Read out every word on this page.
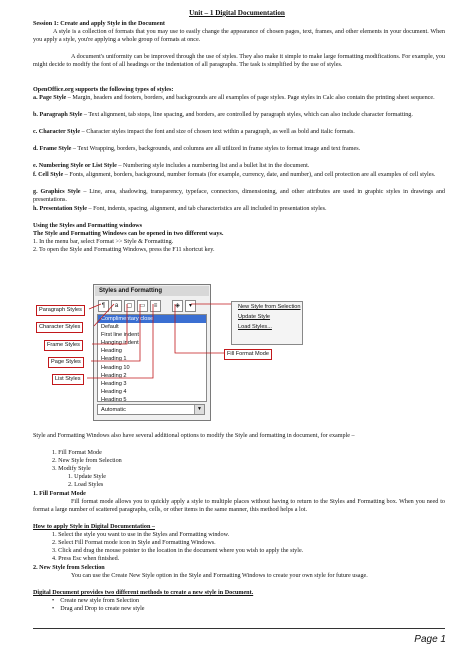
Unit – 1 Digital Documentation
Session 1: Create and apply Style in the Document
A style is a collection of formats that you may use to easily change the appearance of chosen pages, text, frames, and other elements in your document. When you apply a style, you're applying a whole group of formats at once.
A document's uniformity can be improved through the use of styles. They also make it simple to make large formatting modifications. For example, you might decide to modify the font of all headings or the indentation of all paragraphs. The task is simplified by the use of styles.
OpenOffice.org supports the following types of styles:
a. Page Style – Margin, headers and footers, borders, and backgrounds are all examples of page styles. Page styles in Calc also contain the printing sheet sequence.
b. Paragraph Style – Text alignment, tab stops, line spacing, and borders, are controlled by paragraph styles, which can also include character formatting.
c. Character Style – Character styles impact the font and size of chosen text within a paragraph, as well as bold and italic formats.
d. Frame Style – Text Wrapping, borders, backgrounds, and columns are all utilized in frame styles to format image and text frames.
e. Numbering Style or List Style – Numbering style includes a numbering list and a bullet list in the document.
f. Cell Style – Fonts, alignment, borders, background, number formats (for example, currency, date, and number), and cell protection are all examples of cell styles.
g. Graphics Style – Line, area, shadowing, transparency, typeface, connectors, dimensioning, and other attributes are used in graphic styles in drawings and presentations.
h. Presentation Style – Font, indents, spacing, alignment, and tab characteristics are all included in presentation styles.
Using the Styles and Formatting windows
The Style and Formatting Windows can be opened in two different ways.
1. In the menu bar, select Format >> Style & Formatting.
2. To open the Style and Formatting Windows, press the F11 shortcut key.
Styles and Formatting
¶	a	▢	▭	≡	◈	▾
Complimentary close
Default
First line indent
Hanging indent
Heading
Heading 1
Heading 10
Heading 2
Heading 3
Heading 4
Heading 5
Automatic	▼
Paragraph Styles
Character Styles
Frame Styles
Page Styles
List Styles
Fill Format Mode
New Style from Selection
Update Style
Load Styles...
Style and Formatting Windows also have several additional options to modify the Style and formatting in document, for example –
1. Fill Format Mode
2. New Style from Selection
3. Modify Style
1. Update Style
2. Load Styles
1. Fill Format Mode
Fill format mode allows you to quickly apply a style to multiple places without having to return to the Styles and Formatting box. When you need to format a large number of scattered paragraphs, cells, or other items in the same manner, this method helps a lot.
How to apply Style in Digital Documentation –
1. Select the style you want to use in the Styles and Formatting window.
2. Select Fill Format mode icon in Style and Formatting Windows.
3. Click and drag the mouse pointer to the location in the document where you wish to apply the style.
4. Press Esc when finished.
2. New Style from Selection
You can use the Create New Style option in the Style and Formatting Windows to create your own style for future usage.
Digital Document provides two different methods to create a new style in Document.
•    Create new style from Selection
•    Drag and Drop to create new style
Page 1
